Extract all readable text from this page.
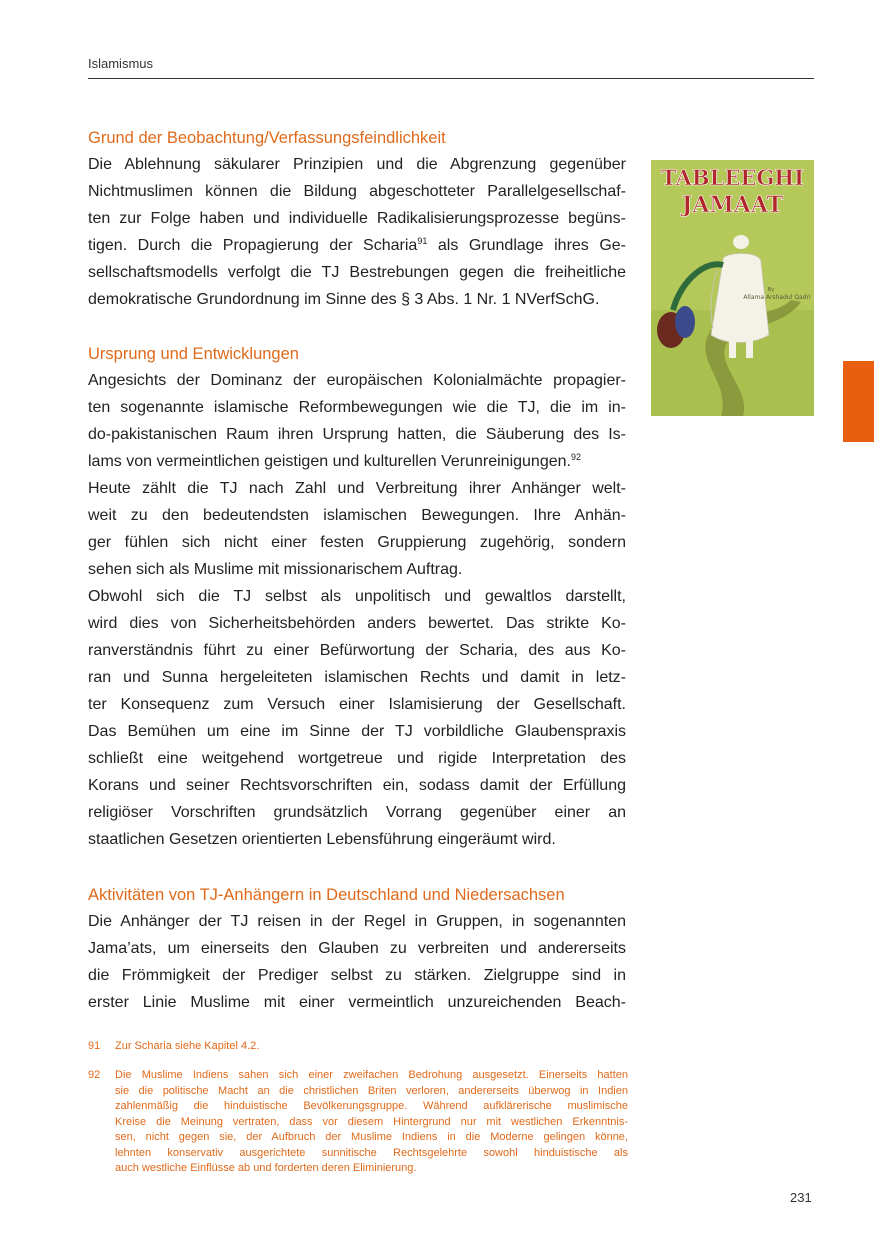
Islamismus
Grund der Beobachtung/Verfassungsfeindlichkeit
Die Ablehnung säkularer Prinzipien und die Abgrenzung gegenüber
Nichtmuslimen können die Bildung abgeschotteter Parallelgesellschaf-
ten zur Folge haben und individuelle Radikalisierungsprozesse begüns-
tigen. Durch die Propagierung der Scharia$^{91}$ als Grundlage ihres Ge-
sellschaftsmodells verfolgt die TJ Bestrebungen gegen die freiheitliche
demokratische Grundordnung im Sinne des § 3 Abs. 1 Nr. 1 NVerfSchG.
Ursprung und Entwicklungen
Angesichts der Dominanz der europäischen Kolonialmächte propagier-
ten sogenannte islamische Reformbewegungen wie die TJ, die im in-
do-pakistanischen Raum ihren Ursprung hatten, die Säuberung des Is-
lams von vermeintlichen geistigen und kulturellen Verunreinigungen.$^{92}$
Heute zählt die TJ nach Zahl und Verbreitung ihrer Anhänger welt-
weit zu den bedeutendsten islamischen Bewegungen. Ihre Anhän-
ger fühlen sich nicht einer festen Gruppierung zugehörig, sondern
sehen sich als Muslime mit missionarischem Auftrag.
Obwohl sich die TJ selbst als unpolitisch und gewaltlos darstellt,
wird dies von Sicherheitsbehörden anders bewertet. Das strikte Ko-
ranverständnis führt zu einer Befürwortung der Scharia, des aus Ko-
ran und Sunna hergeleiteten islamischen Rechts und damit in letz-
ter Konsequenz zum Versuch einer Islamisierung der Gesellschaft.
Das Bemühen um eine im Sinne der TJ vorbildliche Glaubenspraxis
schließt eine weitgehend wortgetreue und rigide Interpretation des
Korans und seiner Rechtsvorschriften ein, sodass damit der Erfüllung
religiöser Vorschriften grundsätzlich Vorrang gegenüber einer an
staatlichen Gesetzen orientierten Lebensführung eingeräumt wird.
Aktivitäten von TJ-Anhängern in Deutschland und Niedersachsen
Die Anhänger der TJ reisen in der Regel in Gruppen, in sogenannten
Jama’ats, um einerseits den Glauben zu verbreiten und andererseits
die Frömmigkeit der Prediger selbst zu stärken. Zielgruppe sind in
erster Linie Muslime mit einer vermeintlich unzureichenden Beach-
91 Zur Scharia siehe Kapitel 4.2.
92 Die Muslime Indiens sahen sich einer zweifachen Bedrohung ausgesetzt. Einerseits hatten
sie die politische Macht an die christlichen Briten verloren, andererseits überwog in Indien
zahlenmäßig die hinduistische Bevölkerungsgruppe. Während aufklärerische muslimische
Kreise die Meinung vertraten, dass vor diesem Hintergrund nur mit westlichen Erkenntnis-
sen, nicht gegen sie, der Aufbruch der Muslime Indiens in die Moderne gelingen könne,
lehnten konservativ ausgerichtete sunnitische Rechtsgelehrte sowohl hinduistische als
auch westliche Einflüsse ab und forderten deren Eliminierung.
231
TABLEEGHI
JAMAAT
By
Allama Arshadul Qadri
